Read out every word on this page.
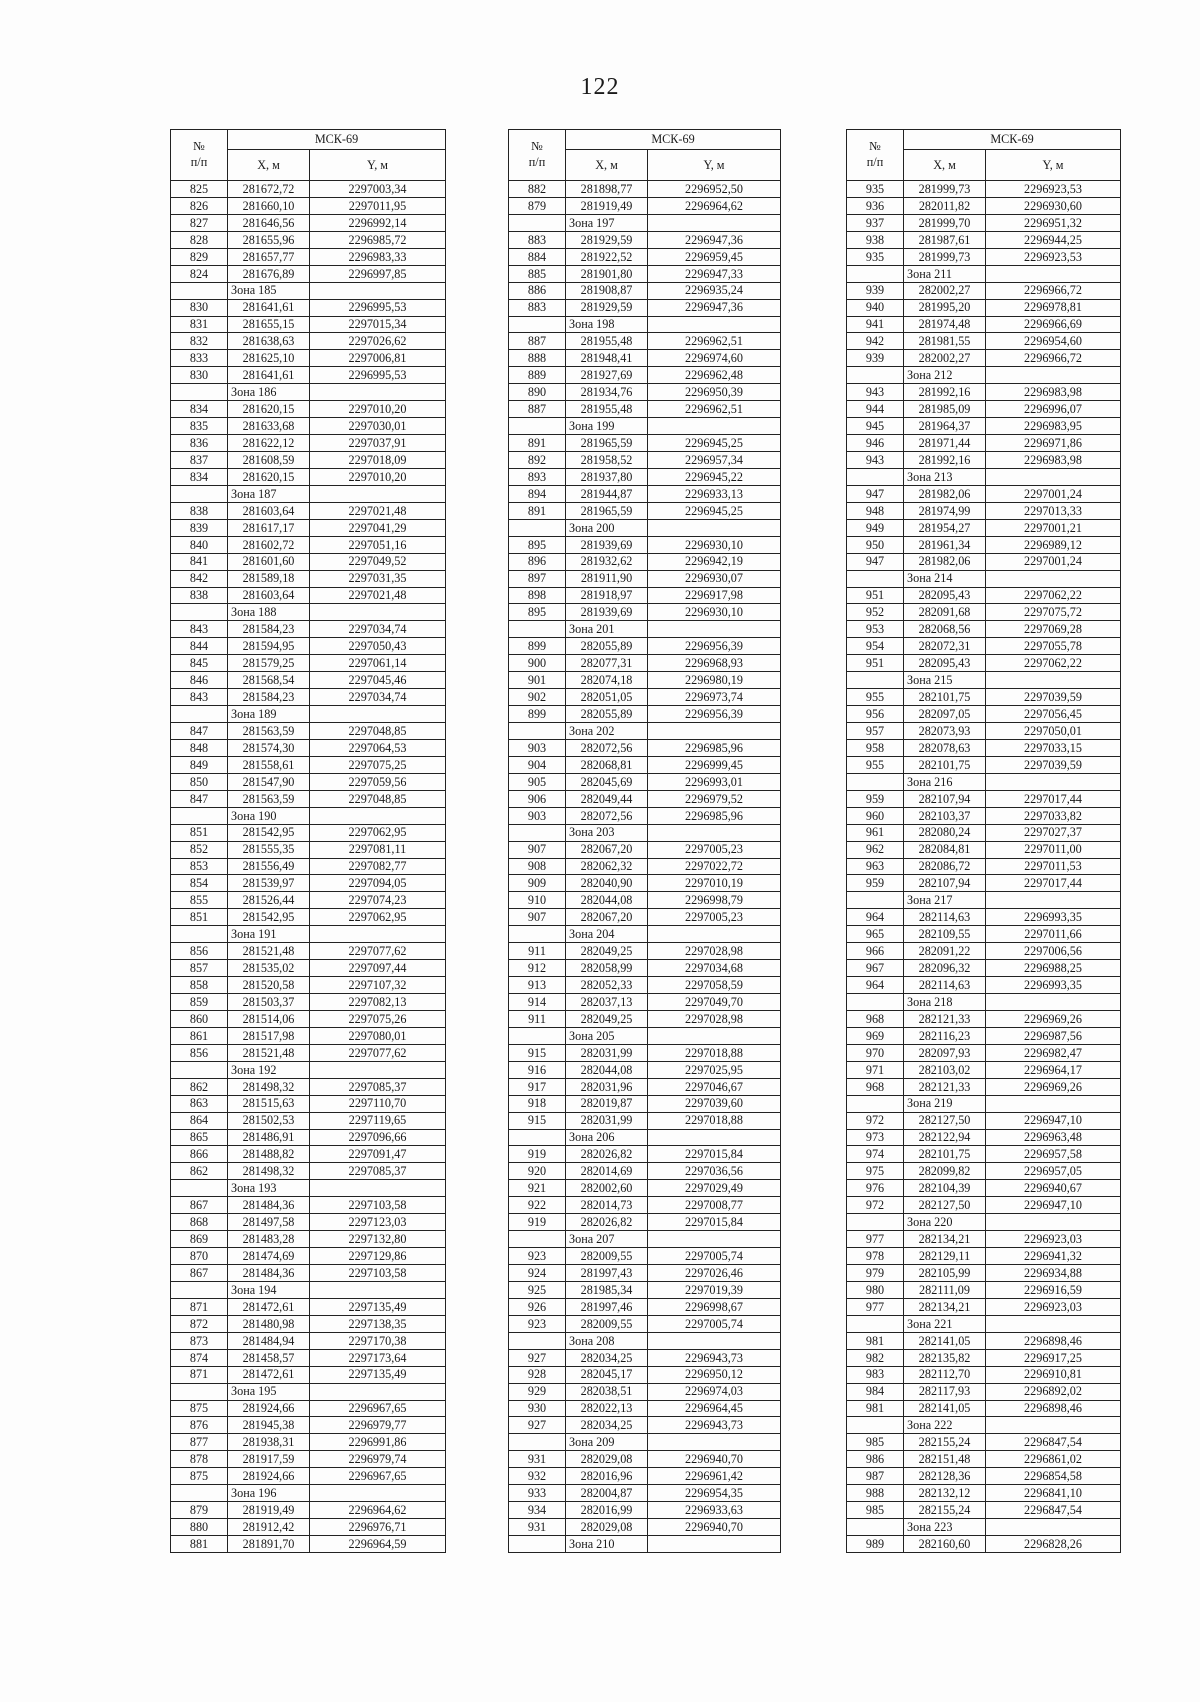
122
№
п/п	МСК-69	
	X, м	Y, м
825	281672,72	2297003,34
826	281660,10	2297011,95
827	281646,56	2296992,14
828	281655,96	2296985,72
829	281657,77	2296983,33
824	281676,89	2296997,85
	Зона 185	
830	281641,61	2296995,53
831	281655,15	2297015,34
832	281638,63	2297026,62
833	281625,10	2297006,81
830	281641,61	2296995,53
	Зона 186	
834	281620,15	2297010,20
835	281633,68	2297030,01
836	281622,12	2297037,91
837	281608,59	2297018,09
834	281620,15	2297010,20
	Зона 187	
838	281603,64	2297021,48
839	281617,17	2297041,29
840	281602,72	2297051,16
841	281601,60	2297049,52
842	281589,18	2297031,35
838	281603,64	2297021,48
	Зона 188	
843	281584,23	2297034,74
844	281594,95	2297050,43
845	281579,25	2297061,14
846	281568,54	2297045,46
843	281584,23	2297034,74
	Зона 189	
847	281563,59	2297048,85
848	281574,30	2297064,53
849	281558,61	2297075,25
850	281547,90	2297059,56
847	281563,59	2297048,85
	Зона 190	
851	281542,95	2297062,95
852	281555,35	2297081,11
853	281556,49	2297082,77
854	281539,97	2297094,05
855	281526,44	2297074,23
851	281542,95	2297062,95
	Зона 191	
856	281521,48	2297077,62
857	281535,02	2297097,44
858	281520,58	2297107,32
859	281503,37	2297082,13
860	281514,06	2297075,26
861	281517,98	2297080,01
856	281521,48	2297077,62
	Зона 192	
862	281498,32	2297085,37
863	281515,63	2297110,70
864	281502,53	2297119,65
865	281486,91	2297096,66
866	281488,82	2297091,47
862	281498,32	2297085,37
	Зона 193	
867	281484,36	2297103,58
868	281497,58	2297123,03
869	281483,28	2297132,80
870	281474,69	2297129,86
867	281484,36	2297103,58
	Зона 194	
871	281472,61	2297135,49
872	281480,98	2297138,35
873	281484,94	2297170,38
874	281458,57	2297173,64
871	281472,61	2297135,49
	Зона 195	
875	281924,66	2296967,65
876	281945,38	2296979,77
877	281938,31	2296991,86
878	281917,59	2296979,74
875	281924,66	2296967,65
	Зона 196	
879	281919,49	2296964,62
880	281912,42	2296976,71
881	281891,70	2296964,59
№
п/п	МСК-69	
	X, м	Y, м
882	281898,77	2296952,50
879	281919,49	2296964,62
	Зона 197	
883	281929,59	2296947,36
884	281922,52	2296959,45
885	281901,80	2296947,33
886	281908,87	2296935,24
883	281929,59	2296947,36
	Зона 198	
887	281955,48	2296962,51
888	281948,41	2296974,60
889	281927,69	2296962,48
890	281934,76	2296950,39
887	281955,48	2296962,51
	Зона 199	
891	281965,59	2296945,25
892	281958,52	2296957,34
893	281937,80	2296945,22
894	281944,87	2296933,13
891	281965,59	2296945,25
	Зона 200	
895	281939,69	2296930,10
896	281932,62	2296942,19
897	281911,90	2296930,07
898	281918,97	2296917,98
895	281939,69	2296930,10
	Зона 201	
899	282055,89	2296956,39
900	282077,31	2296968,93
901	282074,18	2296980,19
902	282051,05	2296973,74
899	282055,89	2296956,39
	Зона 202	
903	282072,56	2296985,96
904	282068,81	2296999,45
905	282045,69	2296993,01
906	282049,44	2296979,52
903	282072,56	2296985,96
	Зона 203	
907	282067,20	2297005,23
908	282062,32	2297022,72
909	282040,90	2297010,19
910	282044,08	2296998,79
907	282067,20	2297005,23
	Зона 204	
911	282049,25	2297028,98
912	282058,99	2297034,68
913	282052,33	2297058,59
914	282037,13	2297049,70
911	282049,25	2297028,98
	Зона 205	
915	282031,99	2297018,88
916	282044,08	2297025,95
917	282031,96	2297046,67
918	282019,87	2297039,60
915	282031,99	2297018,88
	Зона 206	
919	282026,82	2297015,84
920	282014,69	2297036,56
921	282002,60	2297029,49
922	282014,73	2297008,77
919	282026,82	2297015,84
	Зона 207	
923	282009,55	2297005,74
924	281997,43	2297026,46
925	281985,34	2297019,39
926	281997,46	2296998,67
923	282009,55	2297005,74
	Зона 208	
927	282034,25	2296943,73
928	282045,17	2296950,12
929	282038,51	2296974,03
930	282022,13	2296964,45
927	282034,25	2296943,73
	Зона 209	
931	282029,08	2296940,70
932	282016,96	2296961,42
933	282004,87	2296954,35
934	282016,99	2296933,63
931	282029,08	2296940,70
	Зона 210	
№
п/п	МСК-69	
	X, м	Y, м
935	281999,73	2296923,53
936	282011,82	2296930,60
937	281999,70	2296951,32
938	281987,61	2296944,25
935	281999,73	2296923,53
	Зона 211	
939	282002,27	2296966,72
940	281995,20	2296978,81
941	281974,48	2296966,69
942	281981,55	2296954,60
939	282002,27	2296966,72
	Зона 212	
943	281992,16	2296983,98
944	281985,09	2296996,07
945	281964,37	2296983,95
946	281971,44	2296971,86
943	281992,16	2296983,98
	Зона 213	
947	281982,06	2297001,24
948	281974,99	2297013,33
949	281954,27	2297001,21
950	281961,34	2296989,12
947	281982,06	2297001,24
	Зона 214	
951	282095,43	2297062,22
952	282091,68	2297075,72
953	282068,56	2297069,28
954	282072,31	2297055,78
951	282095,43	2297062,22
	Зона 215	
955	282101,75	2297039,59
956	282097,05	2297056,45
957	282073,93	2297050,01
958	282078,63	2297033,15
955	282101,75	2297039,59
	Зона 216	
959	282107,94	2297017,44
960	282103,37	2297033,82
961	282080,24	2297027,37
962	282084,81	2297011,00
963	282086,72	2297011,53
959	282107,94	2297017,44
	Зона 217	
964	282114,63	2296993,35
965	282109,55	2297011,66
966	282091,22	2297006,56
967	282096,32	2296988,25
964	282114,63	2296993,35
	Зона 218	
968	282121,33	2296969,26
969	282116,23	2296987,56
970	282097,93	2296982,47
971	282103,02	2296964,17
968	282121,33	2296969,26
	Зона 219	
972	282127,50	2296947,10
973	282122,94	2296963,48
974	282101,75	2296957,58
975	282099,82	2296957,05
976	282104,39	2296940,67
972	282127,50	2296947,10
	Зона 220	
977	282134,21	2296923,03
978	282129,11	2296941,32
979	282105,99	2296934,88
980	282111,09	2296916,59
977	282134,21	2296923,03
	Зона 221	
981	282141,05	2296898,46
982	282135,82	2296917,25
983	282112,70	2296910,81
984	282117,93	2296892,02
981	282141,05	2296898,46
	Зона 222	
985	282155,24	2296847,54
986	282151,48	2296861,02
987	282128,36	2296854,58
988	282132,12	2296841,10
985	282155,24	2296847,54
	Зона 223	
989	282160,60	2296828,26
